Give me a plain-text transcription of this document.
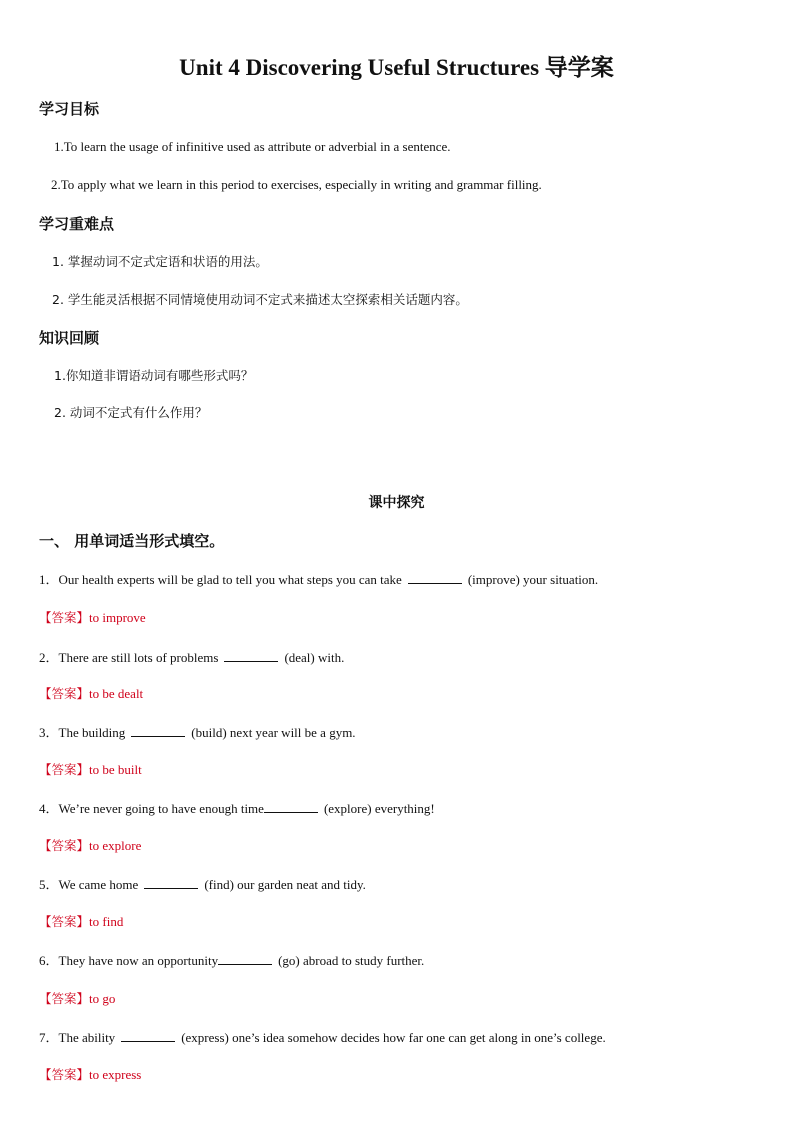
Unit 4 Discovering Useful Structures 导学案
学习目标
1.To learn the usage of infinitive used as attribute or adverbial in a sentence.
2.To apply what we learn in this period to exercises, especially in writing and grammar filling.
学习重难点
1. 掌握动词不定式定语和状语的用法。
2. 学生能灵活根据不同情境使用动词不定式来描述太空探索相关话题内容。
知识回顾
1.你知道非谓语动词有哪些形式吗？
2. 动词不定式有什么作用？
课中探究
一、 用单词适当形式填空。
1．Our health experts will be glad to tell you what steps you can take	(improve) your situation.
【答案】to improve
2．There are still lots of problems	(deal) with.
【答案】to be dealt
3．The building	(build) next year will be a gym.
【答案】to be built
4．We’re never going to have enough time	(explore) everything!
【答案】to explore
5．We came home	(find) our garden neat and tidy.
【答案】to find
6．They have now an opportunity	(go) abroad to study further.
【答案】to go
7．The ability	(express) one’s idea somehow decides how far one can get along in one’s college.
【答案】to express
